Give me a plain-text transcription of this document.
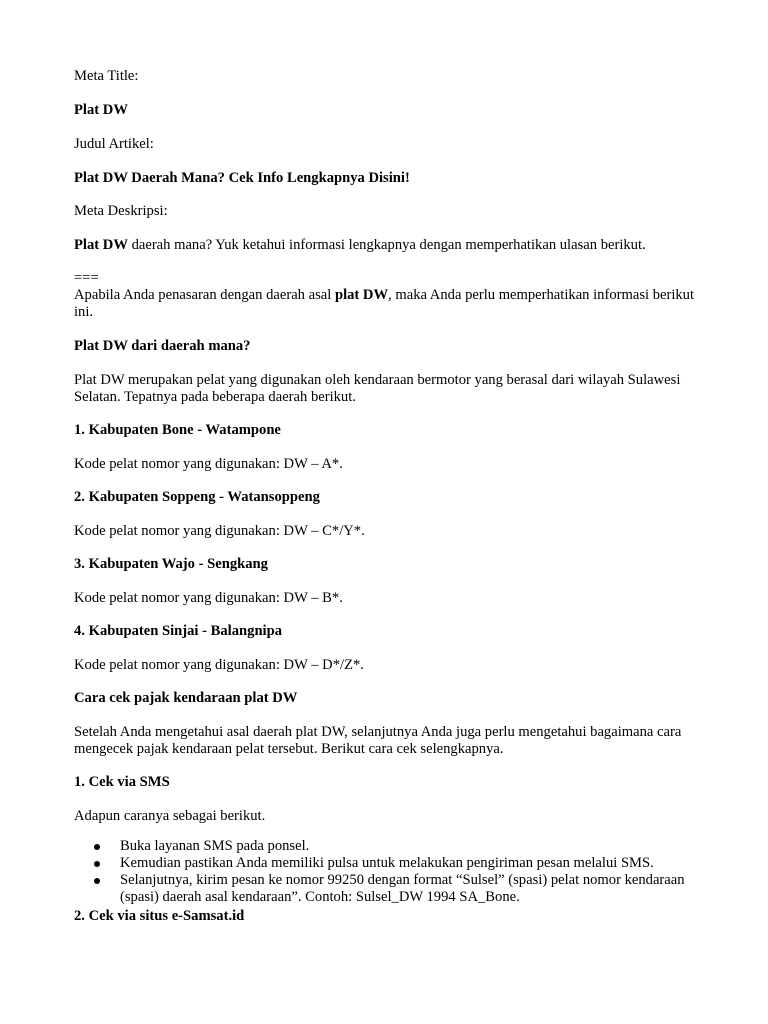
Meta Title:
Plat DW
Judul Artikel:
Plat DW Daerah Mana? Cek Info Lengkapnya Disini!
Meta Deskripsi:
Plat DW daerah mana? Yuk ketahui informasi lengkapnya dengan memperhatikan ulasan berikut.
===
Apabila Anda penasaran dengan daerah asal plat DW, maka Anda perlu memperhatikan informasi berikut ini.
Plat DW dari daerah mana?
Plat DW merupakan pelat yang digunakan oleh kendaraan bermotor yang berasal dari wilayah Sulawesi Selatan. Tepatnya pada beberapa daerah berikut.
1. Kabupaten Bone - Watampone
Kode pelat nomor yang digunakan: DW – A*.
2. Kabupaten Soppeng - Watansoppeng
Kode pelat nomor yang digunakan: DW – C*/Y*.
3. Kabupaten Wajo - Sengkang
Kode pelat nomor yang digunakan: DW – B*.
4. Kabupaten Sinjai - Balangnipa
Kode pelat nomor yang digunakan: DW – D*/Z*.
Cara cek pajak kendaraan plat DW
Setelah Anda mengetahui asal daerah plat DW, selanjutnya Anda juga perlu mengetahui bagaimana cara mengecek pajak kendaraan pelat tersebut. Berikut cara cek selengkapnya.
1. Cek via SMS
Adapun caranya sebagai berikut.
Buka layanan SMS pada ponsel.
Kemudian pastikan Anda memiliki pulsa untuk melakukan pengiriman pesan melalui SMS.
Selanjutnya, kirim pesan ke nomor 99250 dengan format “Sulsel” (spasi) pelat nomor kendaraan (spasi) daerah asal kendaraan”. Contoh: Sulsel_DW 1994 SA_Bone.
2. Cek via situs e-Samsat.id
